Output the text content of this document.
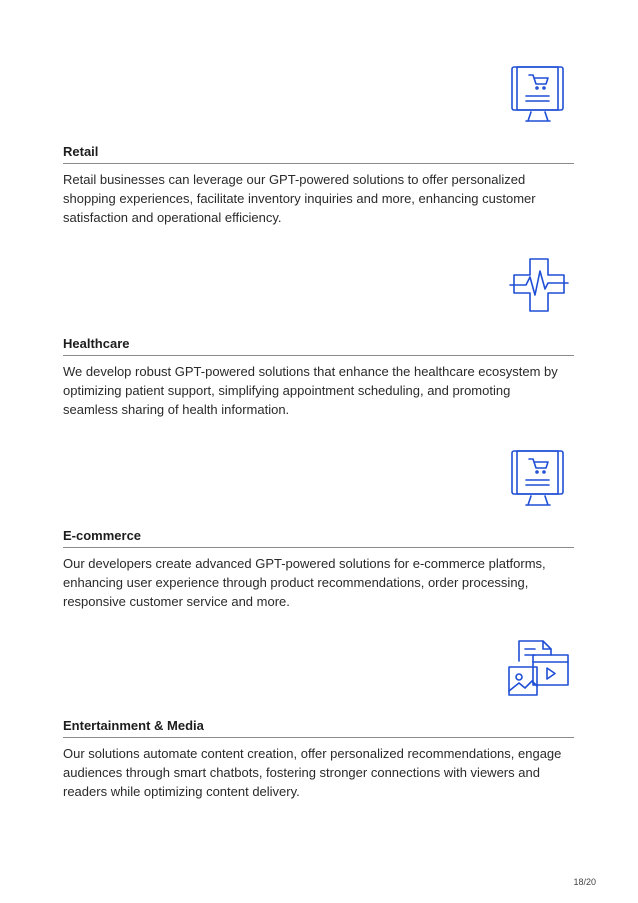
Retail
Retail businesses can leverage our GPT-powered solutions to offer personalized shopping experiences, facilitate inventory inquiries and more, enhancing customer satisfaction and operational efficiency.
Healthcare
We develop robust GPT-powered solutions that enhance the healthcare ecosystem by optimizing patient support, simplifying appointment scheduling, and promoting seamless sharing of health information.
E-commerce
Our developers create advanced GPT-powered solutions for e-commerce platforms, enhancing user experience through product recommendations, order processing, responsive customer service and more.
Entertainment & Media
Our solutions automate content creation, offer personalized recommendations, engage audiences through smart chatbots, fostering stronger connections with viewers and readers while optimizing content delivery.
18/20
